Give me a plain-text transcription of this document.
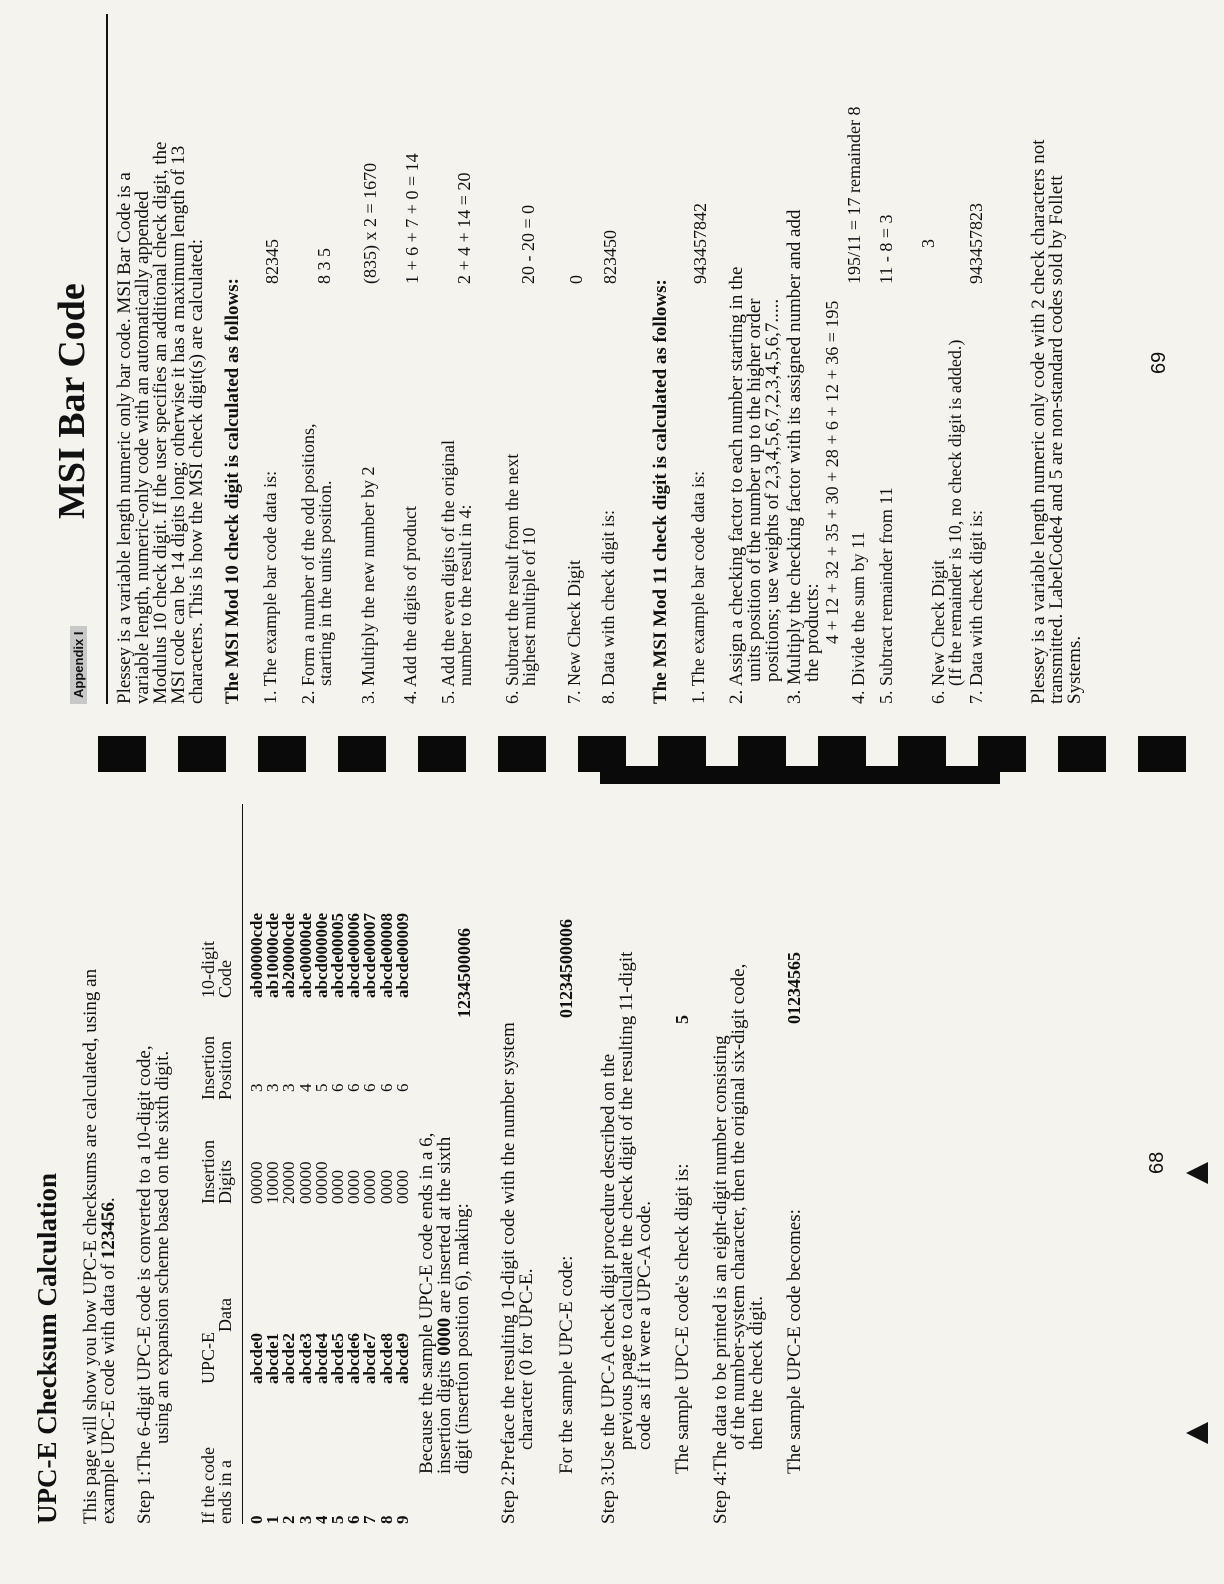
UPC-E Checksum Calculation This page will show you how UPC-E checksums are calculated, using an
example UPC-E code with data of 123456. Step 1:The 6-digit UPC-E code is converted to a 10-digit code,
using an expansion scheme based on the sixth digit.
If the code
ends in a
UPC-E
Data
Insertion
Digits
Insertion
Position
10-digit
Code
0
abcde0
00000
3
ab00000cde
1
abcde1
10000
3
ab10000cde
2
abcde2
20000
3
ab20000cde
3
abcde3
00000
4
abc00000de
4
abcde4
00000
5
abcd00000e
5
abcde5
0000
6
abcde00005
6
abcde6
0000
6
abcde00006
7
abcde7
0000
6
abcde00007
8
abcde8
0000
6
abcde00008
9
abcde9
0000
6
abcde00009
Because the sample UPC-E code ends in a 6,
insertion digits 0000 are inserted at the sixth
digit (insertion position 6), making:
1234500006
Step 2:Preface the resulting 10-digit code with the number system
character (0 for UPC-E. For the sample UPC-E code:
01234500006
Step 3:Use the UPC-A check digit procedure described on the
previous page to calculate the check digit of the resulting 11-digit
code as if it were a UPC-A code. The sample UPC-E code's check digit is:
5
Step 4:The data to be printed is an eight-digit number consisting
of the number-system character, then the original six-digit code,
then the check digit. The sample UPC-E code becomes:
01234565
68
Appendix I
MSI Bar Code Plessey is a variable length numeric only bar code. MSI Bar Code is a
variable length, numeric-only code with an automatically appended
Modulus 10 check digit. If the user specifies an additional check digit, the
MSI code can be 14 digits long; otherwise it has a maximum length of 13
characters. This is how the MSI check digit(s) are calculated: The MSI Mod 10 check digit is calculated as follows: 1. The example bar code data is:
82345
2. Form a number of the odd positions,
starting in the units position.
8 3 5
3. Multiply the new number by 2
(835) x 2 = 1670
4. Add the digits of product
1 + 6 + 7 + 0 = 14
5. Add the even digits of the original
number to the result in 4:
2 + 4 + 14 = 20
6. Subtract the result from the next
highest multiple of 10
20 - 20 = 0
7. New Check Digit
0
8. Data with check digit is:
823450
The MSI Mod 11 check digit is calculated as follows: 1. The example bar code data is:
943457842
2. Assign a checking factor to each number starting in the
units position of the number up to the higher order
positions; use weights of 2,3,4,5,6,7,2,3,4,5,6,7..... 3. Multiply the checking factor with its assigned number and add
the products: 4 + 12 + 32 + 35 + 30 + 28 + 6 + 12 + 36 = 195 4. Divide the sum by 11
195/11 = 17 remainder 8
5. Subtract remainder from 11
11 - 8 = 3
6. New Check Digit
(If the remainder is 10, no check digit is added.)
3
7. Data with check digit is:
943457823 Plessey is a variable length numeric only code with 2 check characters not
transmitted. LabelCode4 and 5 are non-standard codes sold by Follett
Systems.
69
